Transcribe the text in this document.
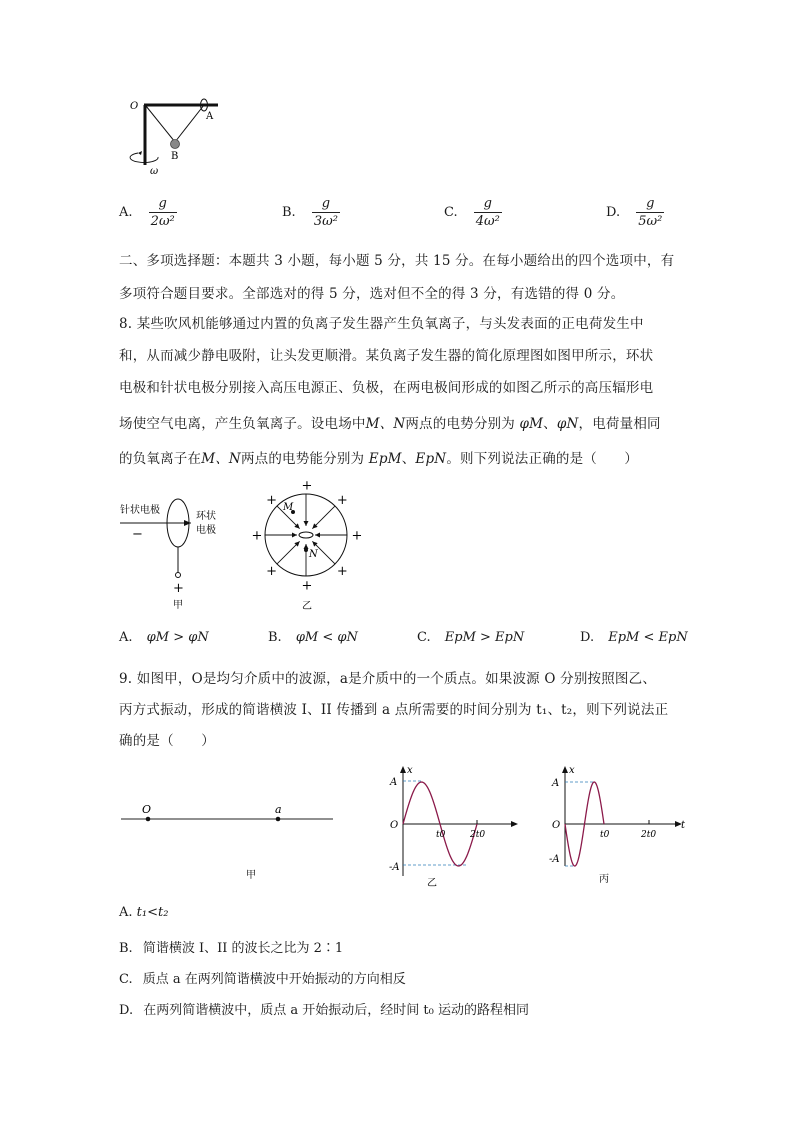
O
A
B
ω
A. $\frac{g}{\text{2ω²}}$	B. $\frac{g}{\text{3ω²}}$	C. $\frac{g}{\text{4ω²}}$	D. $\frac{g}{\text{5ω²}}$
二、多项选择题：本题共 3 小题，每小题 5 分，共 15 分。在每小题给出的四个选项中，有
多项符合题目要求。全部选对的得 5 分，选对但不全的得 3 分，有选错的得 0 分。
8. 某些吹风机能够通过内置的负离子发生器产生负氧离子，与头发表面的正电荷发生中
和，从而减少静电吸附，让头发更顺滑。某负离子发生器的简化原理图如图甲所示，环状
电极和针状电极分别接入高压电源正、负极，在两电极间形成的如图乙所示的高压辐形电
场使空气电离，产生负氧离子。设电场中M、N两点的电势分别为 φM、φN，电荷量相同
的负氧离子在M、N两点的电势能分别为 EpM、EpN。则下列说法正确的是（　　）
针状电极
−
环状
电极
+
甲
+
+
+
+
+
+
+
+
M
N
乙
A. φM > φN	B. φM < φN	C. EpM > EpN	D. EpM < EpN
9. 如图甲，O是均匀介质中的波源，a是介质中的一个质点。如果波源 O 分别按照图乙、
丙方式振动，形成的简谐横波 I、II 传播到 a 点所需要的时间分别为 t₁、t₂，则下列说法正
确的是（　　）
O	a
甲
x
A
O
-A
t0	2t0
乙
x
A
O
-A
t0	2t0
t
丙
A. t₁<t₂
B. 简谐横波 I、II 的波长之比为 2∶1
C. 质点 a 在两列简谐横波中开始振动的方向相反
D. 在两列简谐横波中，质点 a 开始振动后，经时间 t₀ 运动的路程相同
